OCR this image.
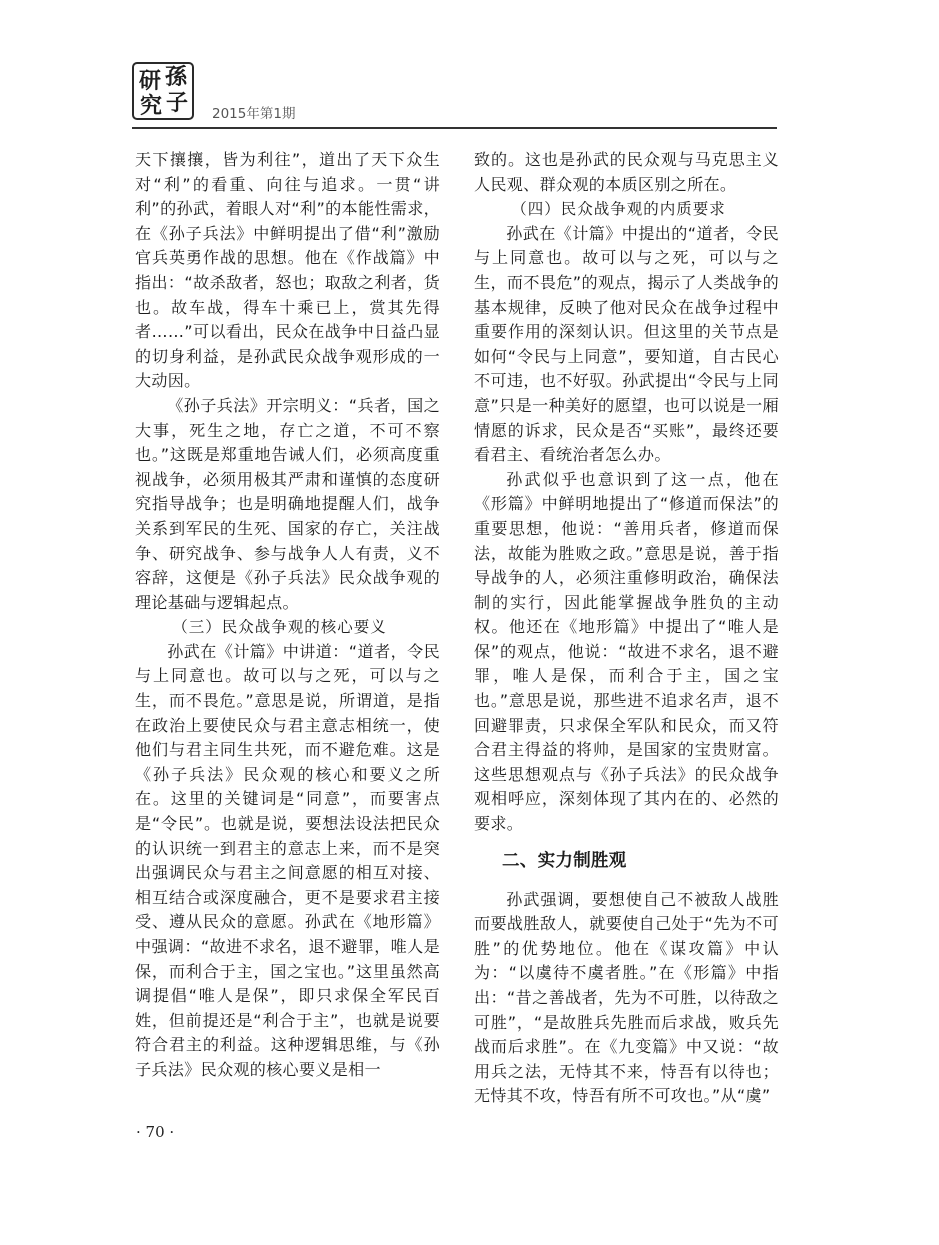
研 孫
究 子 2015年第1期

天下攘攘，皆为利往”，道出了天下众生对“利”的看重、向往与追求。一贯“讲利”的孙武，着眼人对“利”的本能性需求，在《孙子兵法》中鲜明提出了借“利”激励官兵英勇作战的思想。他在《作战篇》中指出：“故杀敌者，怒也；取敌之利者，货也。故车战，得车十乘已上，赏其先得者……”可以看出，民众在战争中日益凸显的切身利益，是孙武民众战争观形成的一大动因。

《孙子兵法》开宗明义：“兵者，国之大事，死生之地，存亡之道，不可不察也。”这既是郑重地告诫人们，必须高度重视战争，必须用极其严肃和谨慎的态度研究指导战争；也是明确地提醒人们，战争关系到军民的生死、国家的存亡，关注战争、研究战争、参与战争人人有责，义不容辞，这便是《孙子兵法》民众战争观的理论基础与逻辑起点。

（三）民众战争观的核心要义

孙武在《计篇》中讲道：“道者，令民与上同意也。故可以与之死，可以与之生，而不畏危。”意思是说，所谓道，是指在政治上要使民众与君主意志相统一，使他们与君主同生共死，而不避危难。这是《孙子兵法》民众观的核心和要义之所在。这里的关键词是“同意”，而要害点是“令民”。也就是说，要想法设法把民众的认识统一到君主的意志上来，而不是突出强调民众与君主之间意愿的相互对接、相互结合或深度融合，更不是要求君主接受、遵从民众的意愿。孙武在《地形篇》中强调：“故进不求名，退不避罪，唯人是保，而利合于主，国之宝也。”这里虽然高调提倡“唯人是保”，即只求保全军民百姓，但前提还是“利合于主”，也就是说要符合君主的利益。这种逻辑思维，与《孙子兵法》民众观的核心要义是相一

致的。这也是孙武的民众观与马克思主义人民观、群众观的本质区别之所在。

（四）民众战争观的内质要求

孙武在《计篇》中提出的“道者，令民与上同意也。故可以与之死，可以与之生，而不畏危”的观点，揭示了人类战争的基本规律，反映了他对民众在战争过程中重要作用的深刻认识。但这里的关节点是如何“令民与上同意”，要知道，自古民心不可违，也不好驭。孙武提出“令民与上同意”只是一种美好的愿望，也可以说是一厢情愿的诉求，民众是否“买账”，最终还要看君主、看统治者怎么办。

孙武似乎也意识到了这一点，他在《形篇》中鲜明地提出了“修道而保法”的重要思想，他说：“善用兵者，修道而保法，故能为胜败之政。”意思是说，善于指导战争的人，必须注重修明政治，确保法制的实行，因此能掌握战争胜负的主动权。他还在《地形篇》中提出了“唯人是保”的观点，他说：“故进不求名，退不避罪，唯人是保，而利合于主，国之宝也。”意思是说，那些进不追求名声，退不回避罪责，只求保全军队和民众，而又符合君主得益的将帅，是国家的宝贵财富。这些思想观点与《孙子兵法》的民众战争观相呼应，深刻体现了其内在的、必然的要求。

二、实力制胜观

孙武强调，要想使自己不被敌人战胜而要战胜敌人，就要使自己处于“先为不可胜”的优势地位。他在《谋攻篇》中认为：“以虞待不虞者胜。”在《形篇》中指出：“昔之善战者，先为不可胜，以待敌之可胜”，“是故胜兵先胜而后求战，败兵先战而后求胜”。在《九变篇》中又说：“故用兵之法，无恃其不来，恃吾有以待也；无恃其不攻，恃吾有所不可攻也。”从“虞”

· 70 ·
